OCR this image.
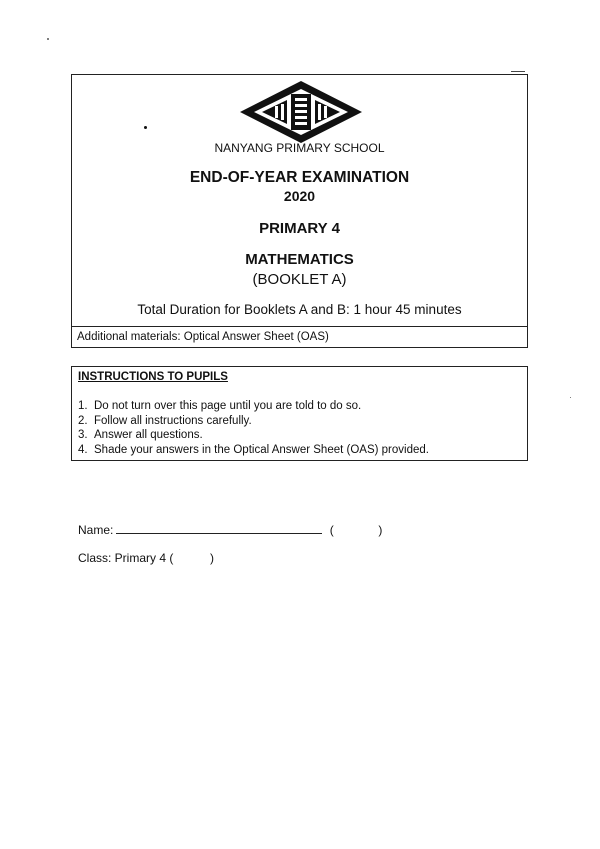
NANYANG PRIMARY SCHOOL
END-OF-YEAR EXAMINATION
2020
PRIMARY 4
MATHEMATICS
(BOOKLET A)
Total Duration for Booklets A and B: 1 hour 45 minutes
Additional materials: Optical Answer Sheet (OAS)
INSTRUCTIONS TO PUPILS
1. Do not turn over this page until you are told to do so.
2. Follow all instructions carefully.
3. Answer all questions.
4. Shade your answers in the Optical Answer Sheet (OAS) provided.
Name:	(	)
Class: Primary 4 (	)
